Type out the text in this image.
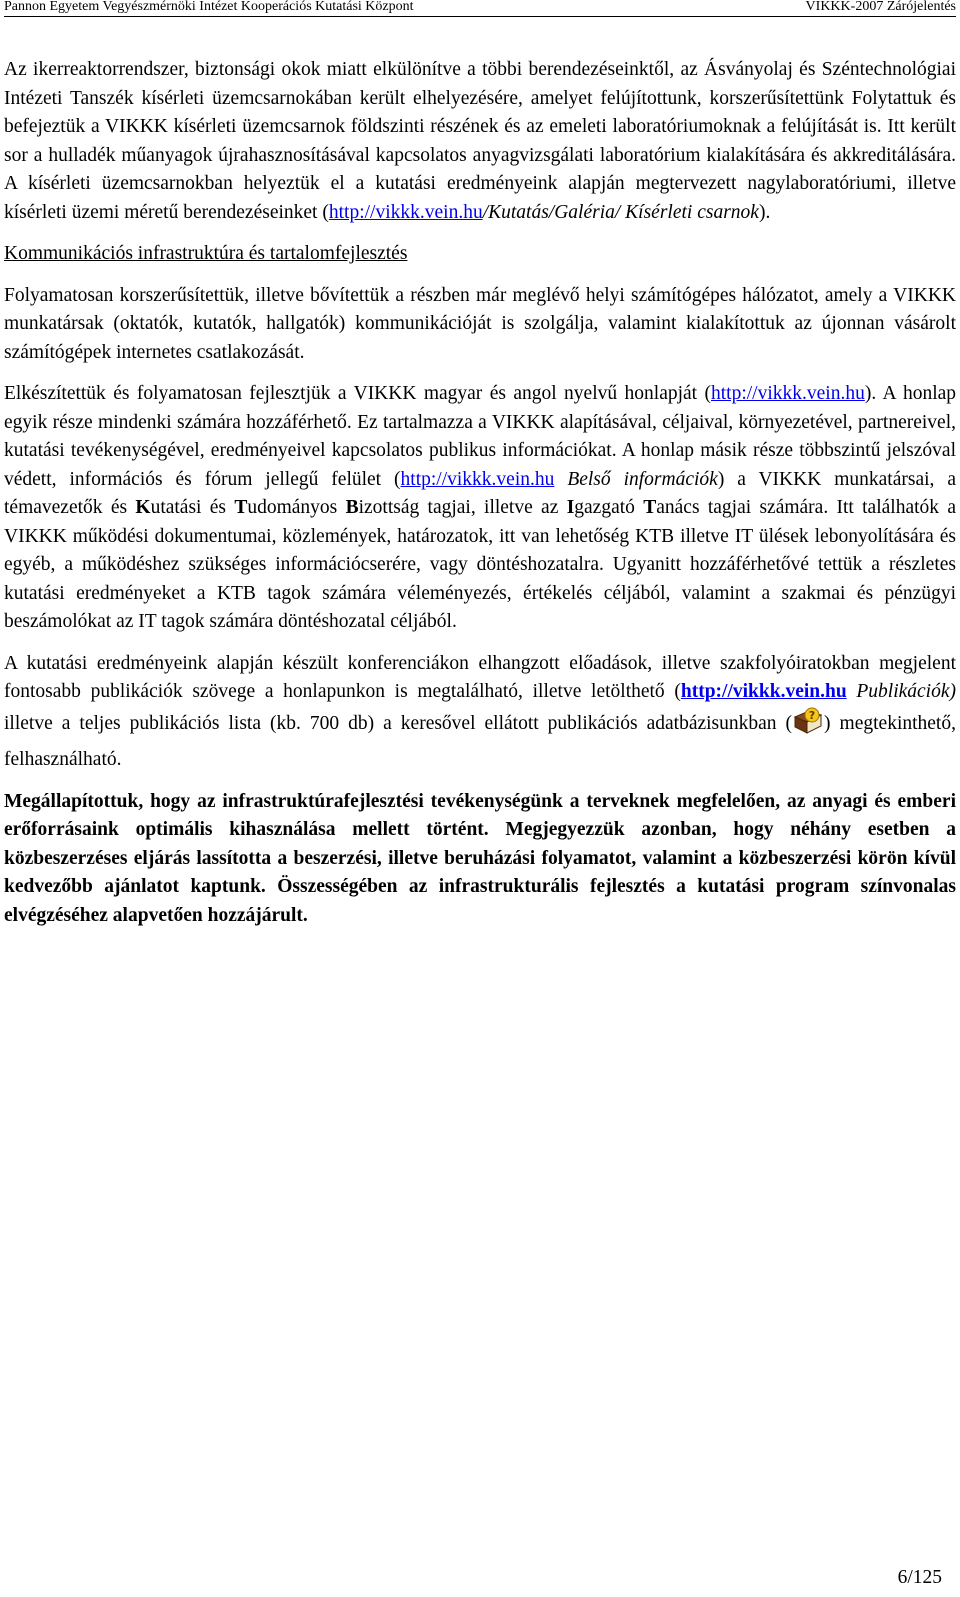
Pannon Egyetem Vegyészmérnöki Intézet Kooperációs Kutatási Központ	VIKKK-2007 Zárójelentés

Az ikerreaktorrendszer, biztonsági okok miatt elkülönítve a többi berendezéseinktől, az Ásványolaj és Széntechnológiai Intézeti Tanszék kísérleti üzemcsarnokában került elhelyezésére, amelyet felújítottunk, korszerűsítettünk Folytattuk és befejeztük a VIKKK kísérleti üzemcsarnok földszinti részének és az emeleti laboratóriumoknak a felújítását is. Itt került sor a hulladék műanyagok újrahasznosításával kapcsolatos anyagvizsgálati laboratórium kialakítására és akkreditálására. A kísérleti üzemcsarnokban helyeztük el a kutatási eredményeink alapján megtervezett nagylaboratóriumi, illetve kísérleti üzemi méretű berendezéseinket (http://vikkk.vein.hu/Kutatás/Galéria/ Kísérleti csarnok).

Kommunikációs infrastruktúra és tartalomfejlesztés

Folyamatosan korszerűsítettük, illetve bővítettük a részben már meglévő helyi számítógépes hálózatot, amely a VIKKK munkatársak (oktatók, kutatók, hallgatók) kommunikációját is szolgálja, valamint kialakítottuk az újonnan vásárolt számítógépek internetes csatlakozását.

Elkészítettük és folyamatosan fejlesztjük a VIKKK magyar és angol nyelvű honlapját (http://vikkk.vein.hu). A honlap egyik része mindenki számára hozzáférhető. Ez tartalmazza a VIKKK alapításával, céljaival, környezetével, partnereivel, kutatási tevékenységével, eredményeivel kapcsolatos publikus információkat. A honlap másik része többszintű jelszóval védett, információs és fórum jellegű felület (http://vikkk.vein.hu Belső információk) a VIKKK munkatársai, a témavezetők és Kutatási és Tudományos Bizottság tagjai, illetve az Igazgató Tanács tagjai számára. Itt találhatók a VIKKK működési dokumentumai, közlemények, határozatok, itt van lehetőség KTB illetve IT ülések lebonyolítására és egyéb, a működéshez szükséges információcserére, vagy döntéshozatalra. Ugyanitt hozzáférhetővé tettük a részletes kutatási eredményeket a KTB tagok számára véleményezés, értékelés céljából, valamint a szakmai és pénzügyi beszámolókat az IT tagok számára döntéshozatal céljából.

A kutatási eredményeink alapján készült konferenciákon elhangzott előadások, illetve szakfolyóiratokban megjelent fontosabb publikációk szövege a honlapunkon is megtalálható, illetve letölthető (http://vikkk.vein.hu Publikációk) illetve a teljes publikációs lista (kb. 700 db) a keresővel ellátott publikációs adatbázisunkban ( ? ) megtekinthető, felhasználható.

Megállapítottuk, hogy az infrastruktúrafejlesztési tevékenységünk a terveknek megfelelően, az anyagi és emberi erőforrásaink optimális kihasználása mellett történt. Megjegyezzük azonban, hogy néhány esetben a közbeszerzéses eljárás lassította a beszerzési, illetve beruházási folyamatot, valamint a közbeszerzési körön kívül kedvezőbb ajánlatot kaptunk. Összességében az infrastrukturális fejlesztés a kutatási program színvonalas elvégzéséhez alapvetően hozzájárult.

6/125
